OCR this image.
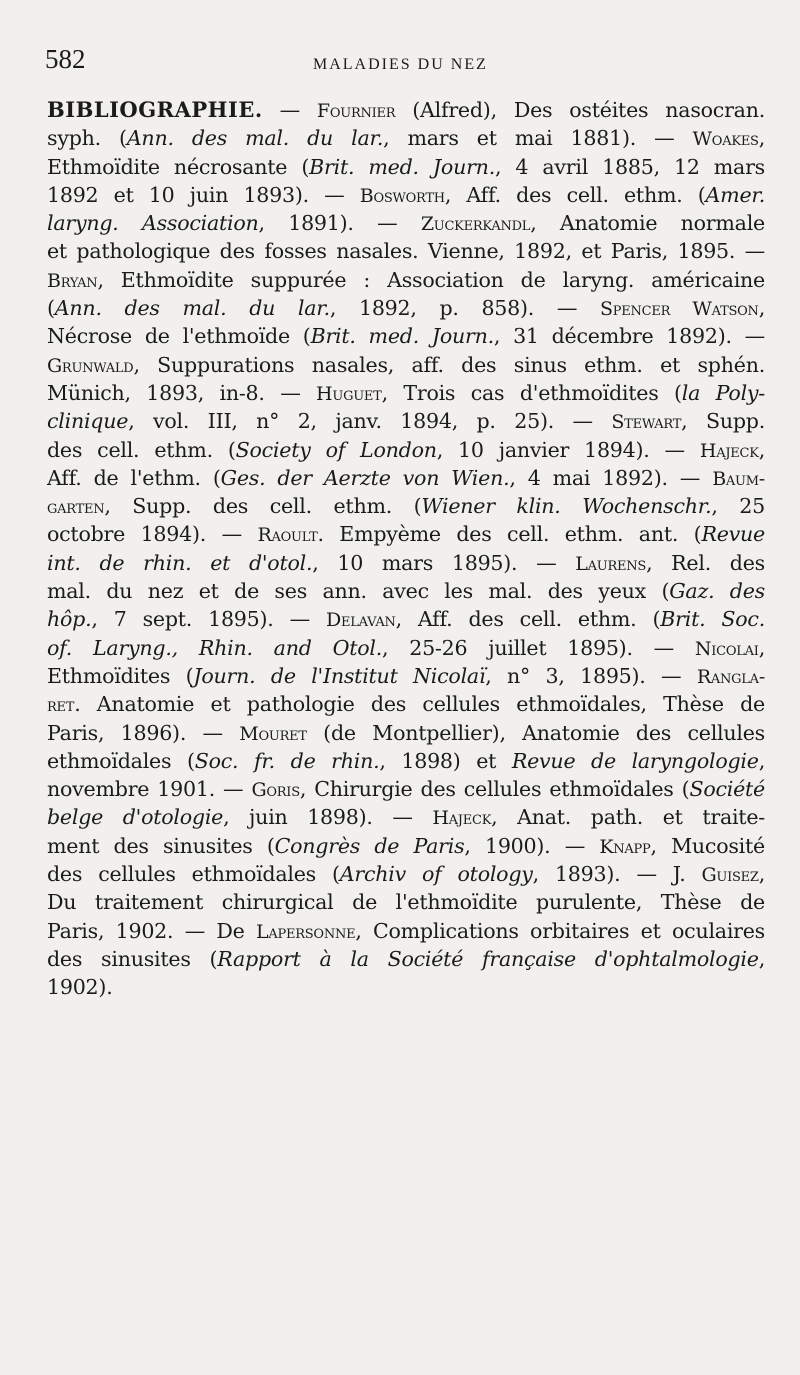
582	MALADIES DU NEZ
BIBLIOGRAPHIE. — Fournier (Alfred), Des ostéites nasocran.
syph. (Ann. des mal. du lar., mars et mai 1881). — Woakes,
Ethmoïdite nécrosante (Brit. med. Journ., 4 avril 1885, 12 mars
1892 et 10 juin 1893). — Bosworth, Aff. des cell. ethm. (Amer.
laryng. Association, 1891). — Zuckerkandl, Anatomie normale
et pathologique des fosses nasales. Vienne, 1892, et Paris, 1895. —
Bryan, Ethmoïdite suppurée : Association de laryng. américaine
(Ann. des mal. du lar., 1892, p. 858). — Spencer Watson,
Nécrose de l'ethmoïde (Brit. med. Journ., 31 décembre 1892). —
Grunwald, Suppurations nasales, aff. des sinus ethm. et sphén.
Münich, 1893, in-8. — Huguet, Trois cas d'ethmoïdites (la Poly-
clinique, vol. III, n° 2, janv. 1894, p. 25). — Stewart, Supp.
des cell. ethm. (Society of London, 10 janvier 1894). — Hajeck,
Aff. de l'ethm. (Ges. der Aerzte von Wien., 4 mai 1892). — Baum-
garten, Supp. des cell. ethm. (Wiener klin. Wochenschr., 25
octobre 1894). — Raoult. Empyème des cell. ethm. ant. (Revue
int. de rhin. et d'otol., 10 mars 1895). — Laurens, Rel. des
mal. du nez et de ses ann. avec les mal. des yeux (Gaz. des
hôp., 7 sept. 1895). — Delavan, Aff. des cell. ethm. (Brit. Soc.
of. Laryng., Rhin. and Otol., 25-26 juillet 1895). — Nicolai,
Ethmoïdites (Journ. de l'Institut Nicolaï, n° 3, 1895). — Rangla-
ret. Anatomie et pathologie des cellules ethmoïdales, Thèse de
Paris, 1896). — Mouret (de Montpellier), Anatomie des cellules
ethmoïdales (Soc. fr. de rhin., 1898) et Revue de laryngologie,
novembre 1901. — Goris, Chirurgie des cellules ethmoïdales (Société
belge d'otologie, juin 1898). — Hajeck, Anat. path. et traite-
ment des sinusites (Congrès de Paris, 1900). — Knapp, Mucosité
des cellules ethmoïdales (Archiv of otology, 1893). — J. Guisez,
Du traitement chirurgical de l'ethmoïdite purulente, Thèse de
Paris, 1902. — De Lapersonne, Complications orbitaires et oculaires
des sinusites (Rapport à la Société française d'ophtalmologie,
1902).
